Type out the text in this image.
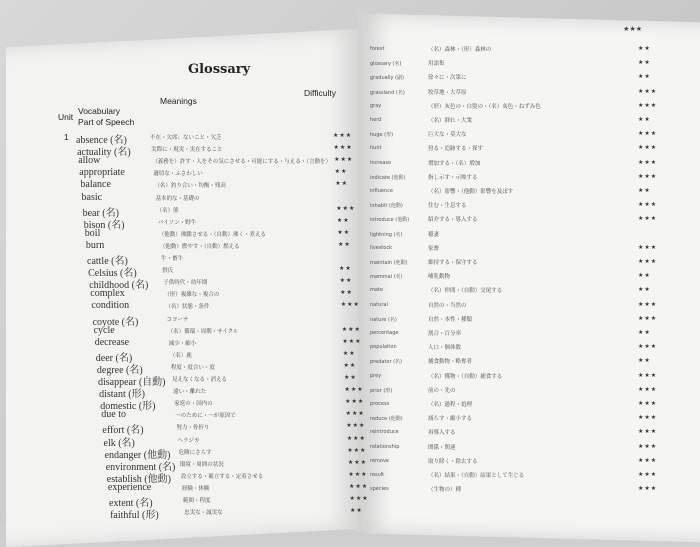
Glossary
Difficulty
Meanings
Unit
Vocabulary
Part of Speech
1
★★★
absence (名)	不在・欠席；ないこと・欠乏	★★★
actuality (名)	実際に・現実・実在すること	★★★
allow	（義務を）許す・人をその気にさせる・可能にする・与える・（言動を） ★★★
appropriate	適切な・ふさわしい	★★
balance	（名）釣り合い・均衡・残高	★★
basic	基本的な・基礎の
bear (名)	（名）熊	★★★
bison (名)	バイソン・野牛	★★
boil	（他動）沸騰させる・（自動）沸く・煮える	★★
burn	（他動）燃やす・（自動）燃える	★★
cattle (名)	牛・畜牛
Celsius (名)	摂氏	★★
childhood (名)	子供時代・幼年期	★★
complex	（形）複雑な・複合の	★★
condition	（名）状態・条件	★★★
coyote (名)	コヨーテ
cycle	（名）循環・周期・サイクル	★★★
decrease	減少・縮小	★★★
deer (名)	（名）鹿	★★
degree (名)	程度・度合い・度	★★
disappear (自動) 見えなくなる・消える	★★
distant (形)	遠い・離れた	★★★
domestic (形)	家庭の・国内の	★★★
due to	～のために・～が原因で	★★★
effort (名)	努力・骨折り	★★★
elk (名)	ヘラジカ	★★★
endanger (他動) 危険にさらす	★★★
environment (名) 環境・周囲の状況	★★★
establish (他動) 設立する・確立する・定着させる	★★★
experience	経験・体験	★★★
extent (名)	範囲・程度	★★★
faithful (形)	忠実な・誠実な	★★
forest	（名）森林・（形）森林の	★★
glossary (名)	用語集	★★
gradually (副)	徐々に・次第に	★★
grassland (名)	牧草地・大草原	★★★
gray	（形）灰色の・白髪の・（名）灰色・ねずみ色	★★★
herd	（名）群れ・大衆	★★
huge (形)	巨大な・莫大な	★★★
hunt	狩る・追跡する・探す	★★★
increase	増加する・（名）増加	★★★
indicate (他動)	指し示す・示唆する	★★★
influence	（名）影響・（他動）影響を及ぼす	★★
inhabit (他動)	住む・生息する	★★★
introduce (他動)	紹介する・導入する	★★★
lightning (名)	稲妻
livestock	家畜	★★★
maintain (他動)	維持する・保守する	★★★
mammal (名)	哺乳動物	★★
mate	（名）仲間・（自動）交尾する	★★
natural	自然の・当然の	★★★
nature (名)	自然・本性・種類	★★★
percentage	割合・百分率	★★
population	人口・個体数	★★★
predator (名)	捕食動物・略奪者	★★
prey	（名）獲物・（自動）捕食する	★★★
prior (形)	前の・先の	★★★
process	（名）過程・処理	★★★
reduce (他動)	減らす・縮小する	★★★
reintroduce	再導入する	★★★
relationship	関係・関連	★★★
remove	取り除く・除去する	★★★
result	（名）結果・（自動）結果として生じる	★★★
species	（生物の）種	★★★
